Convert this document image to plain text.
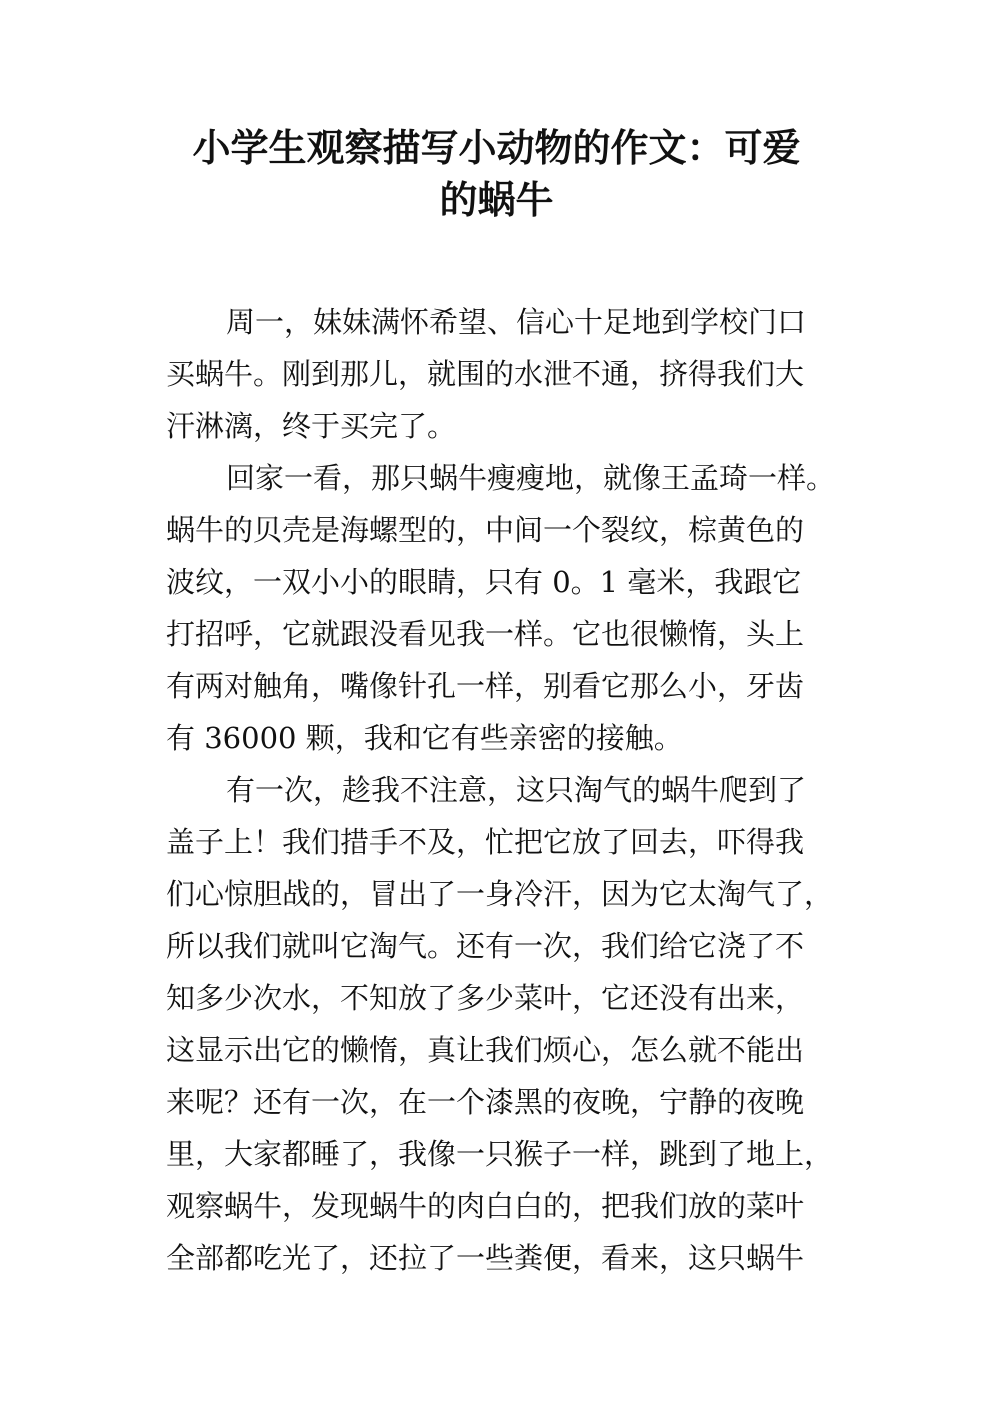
小学生观察描写小动物的作文：可爱
的蜗牛
周一，妹妹满怀希望、信心十足地到学校门口
买蜗牛。刚到那儿，就围的水泄不通，挤得我们大
汗淋漓，终于买完了。
回家一看，那只蜗牛瘦瘦地，就像王孟琦一样。
蜗牛的贝壳是海螺型的，中间一个裂纹，棕黄色的
波纹，一双小小的眼睛，只有 0。1 毫米，我跟它
打招呼，它就跟没看见我一样。它也很懒惰，头上
有两对触角，嘴像针孔一样，别看它那么小，牙齿
有 36000 颗，我和它有些亲密的接触。
有一次，趁我不注意，这只淘气的蜗牛爬到了
盖子上！我们措手不及，忙把它放了回去，吓得我
们心惊胆战的，冒出了一身冷汗，因为它太淘气了，
所以我们就叫它淘气。还有一次，我们给它浇了不
知多少次水，不知放了多少菜叶，它还没有出来，
这显示出它的懒惰，真让我们烦心，怎么就不能出
来呢？还有一次，在一个漆黑的夜晚，宁静的夜晚
里，大家都睡了，我像一只猴子一样，跳到了地上，
观察蜗牛，发现蜗牛的肉白白的，把我们放的菜叶
全部都吃光了，还拉了一些粪便，看来，这只蜗牛
